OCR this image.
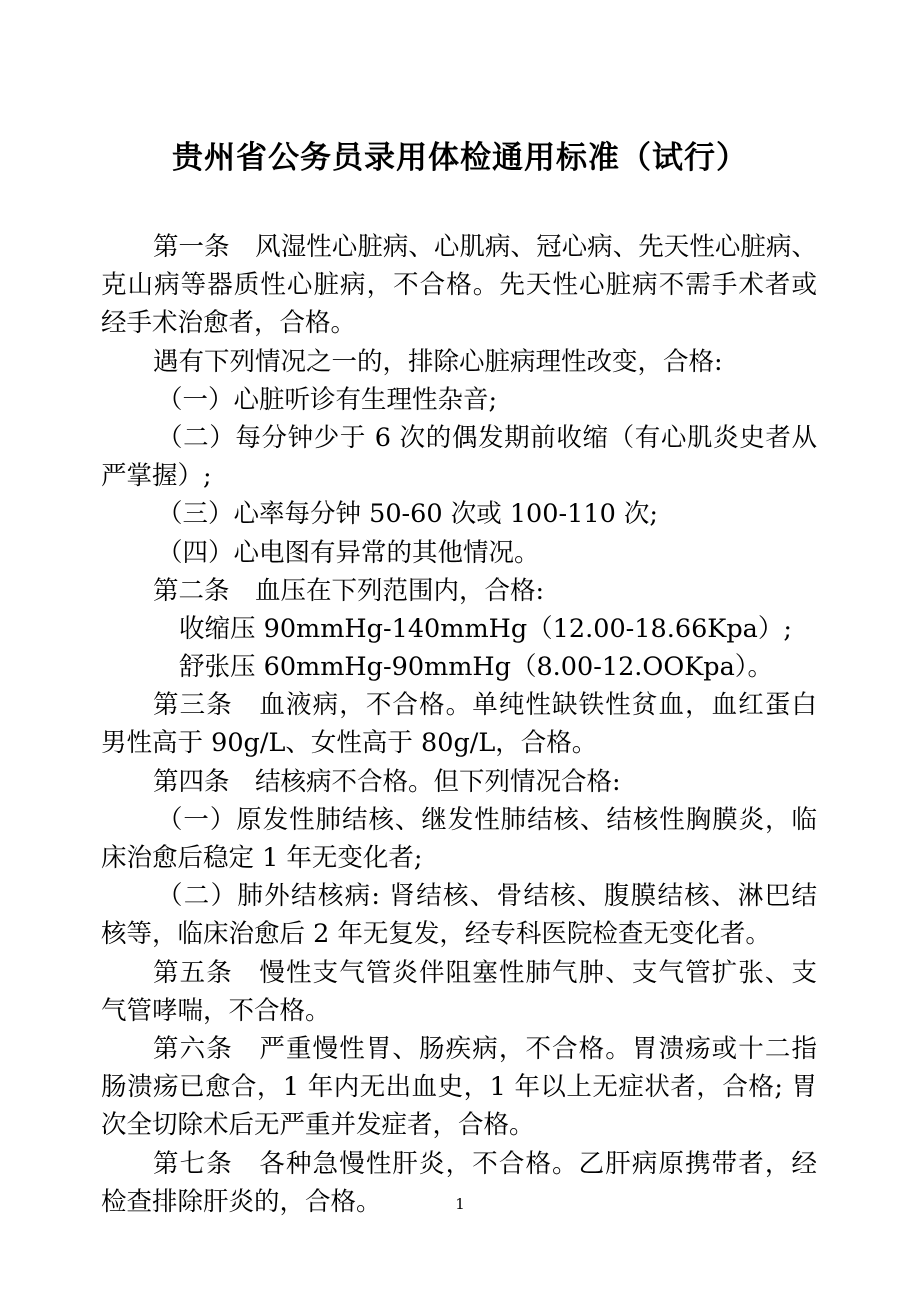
贵州省公务员录用体检通用标准（试行）
第一条　风湿性心脏病、心肌病、冠心病、先天性心脏病、
克山病等器质性心脏病，不合格。先天性心脏病不需手术者或
经手术治愈者，合格。
遇有下列情况之一的，排除心脏病理性改变，合格:
（一）心脏听诊有生理性杂音;
（二）每分钟少于 6 次的偶发期前收缩（有心肌炎史者从
严掌握）;
（三）心率每分钟 50-60 次或 100-110 次;
（四）心电图有异常的其他情况。
第二条　血压在下列范围内，合格:
收缩压 90mmHg-140mmHg（12.00-18.66Kpa）;
舒张压 60mmHg-90mmHg（8.00-12.OOKpa）。
第三条　血液病，不合格。单纯性缺铁性贫血，血红蛋白
男性高于 90g/L、女性高于 80g/L，合格。
第四条　结核病不合格。但下列情况合格:
（一）原发性肺结核、继发性肺结核、结核性胸膜炎，临
床治愈后稳定 1 年无变化者;
（二）肺外结核病: 肾结核、骨结核、腹膜结核、淋巴结
核等，临床治愈后 2 年无复发，经专科医院检查无变化者。
第五条　慢性支气管炎伴阻塞性肺气肿、支气管扩张、支
气管哮喘，不合格。
第六条　严重慢性胃、肠疾病，不合格。胃溃疡或十二指
肠溃疡已愈合，1 年内无出血史，1 年以上无症状者，合格; 胃
次全切除术后无严重并发症者，合格。
第七条　各种急慢性肝炎，不合格。乙肝病原携带者，经
检查排除肝炎的，合格。	1
